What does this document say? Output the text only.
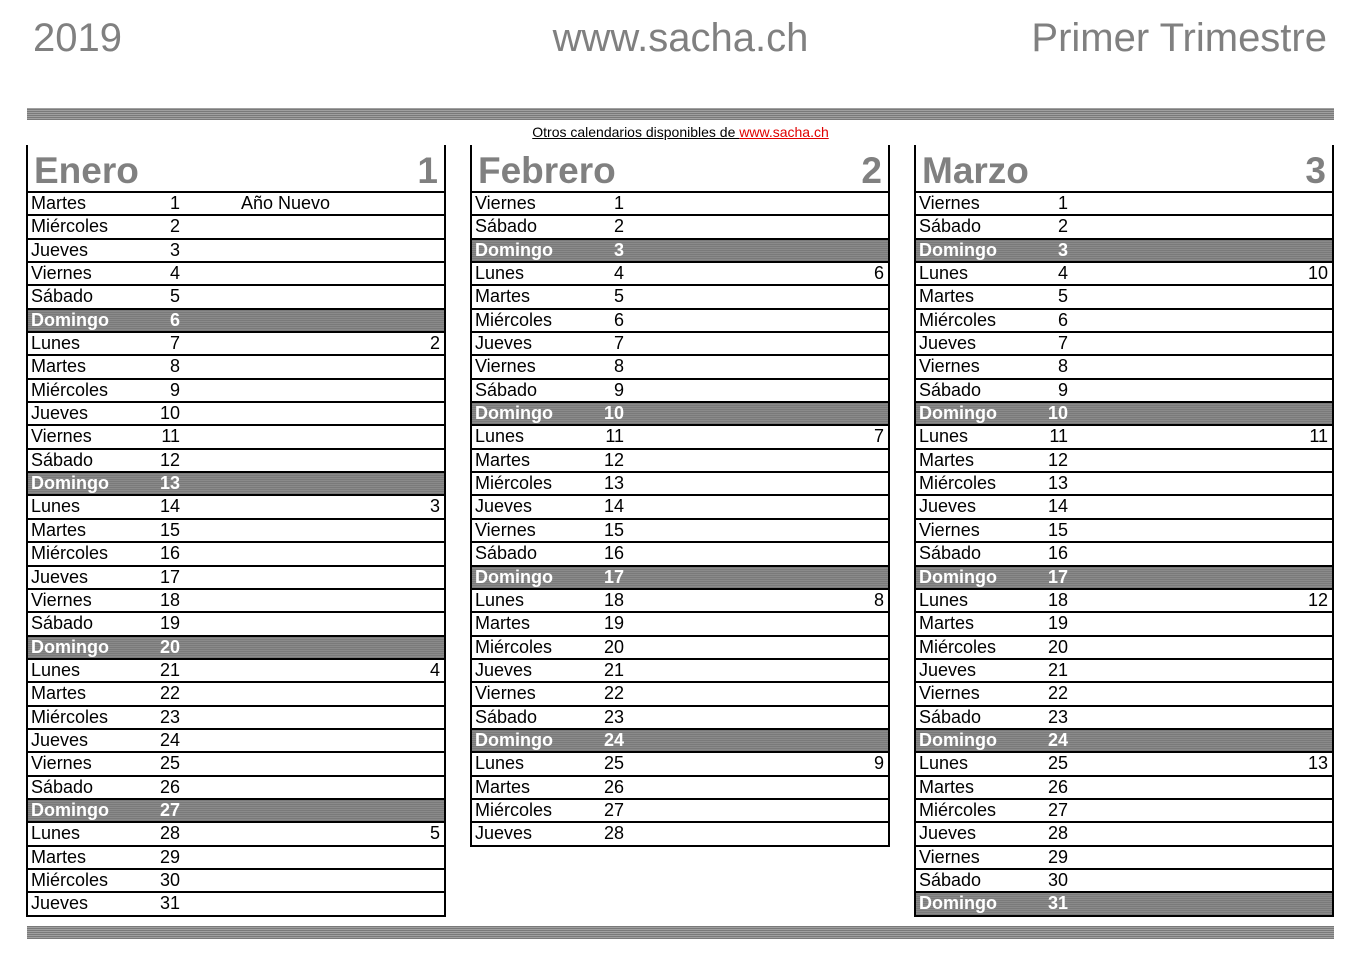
www.sacha.ch
2019	Primer Trimestre
Otros calendarios disponibles de www.sacha.ch
Enero	1
Martes	1	Año Nuevo
Miércoles	2
Jueves	3
Viernes	4
Sábado	5
Domingo	6
Lunes	7	2
Martes	8
Miércoles	9
Jueves	10
Viernes	11
Sábado	12
Domingo	13
Lunes	14	3
Martes	15
Miércoles	16
Jueves	17
Viernes	18
Sábado	19
Domingo	20
Lunes	21	4
Martes	22
Miércoles	23
Jueves	24
Viernes	25
Sábado	26
Domingo	27
Lunes	28	5
Martes	29
Miércoles	30
Jueves	31
Febrero	2
Viernes	1
Sábado	2
Domingo	3
Lunes	4	6
Martes	5
Miércoles	6
Jueves	7
Viernes	8
Sábado	9
Domingo	10
Lunes	11	7
Martes	12
Miércoles	13
Jueves	14
Viernes	15
Sábado	16
Domingo	17
Lunes	18	8
Martes	19
Miércoles	20
Jueves	21
Viernes	22
Sábado	23
Domingo	24
Lunes	25	9
Martes	26
Miércoles	27
Jueves	28
Marzo	3
Viernes	1
Sábado	2
Domingo	3
Lunes	4	10
Martes	5
Miércoles	6
Jueves	7
Viernes	8
Sábado	9
Domingo	10
Lunes	11	11
Martes	12
Miércoles	13
Jueves	14
Viernes	15
Sábado	16
Domingo	17
Lunes	18	12
Martes	19
Miércoles	20
Jueves	21
Viernes	22
Sábado	23
Domingo	24
Lunes	25	13
Martes	26
Miércoles	27
Jueves	28
Viernes	29
Sábado	30
Domingo	31
